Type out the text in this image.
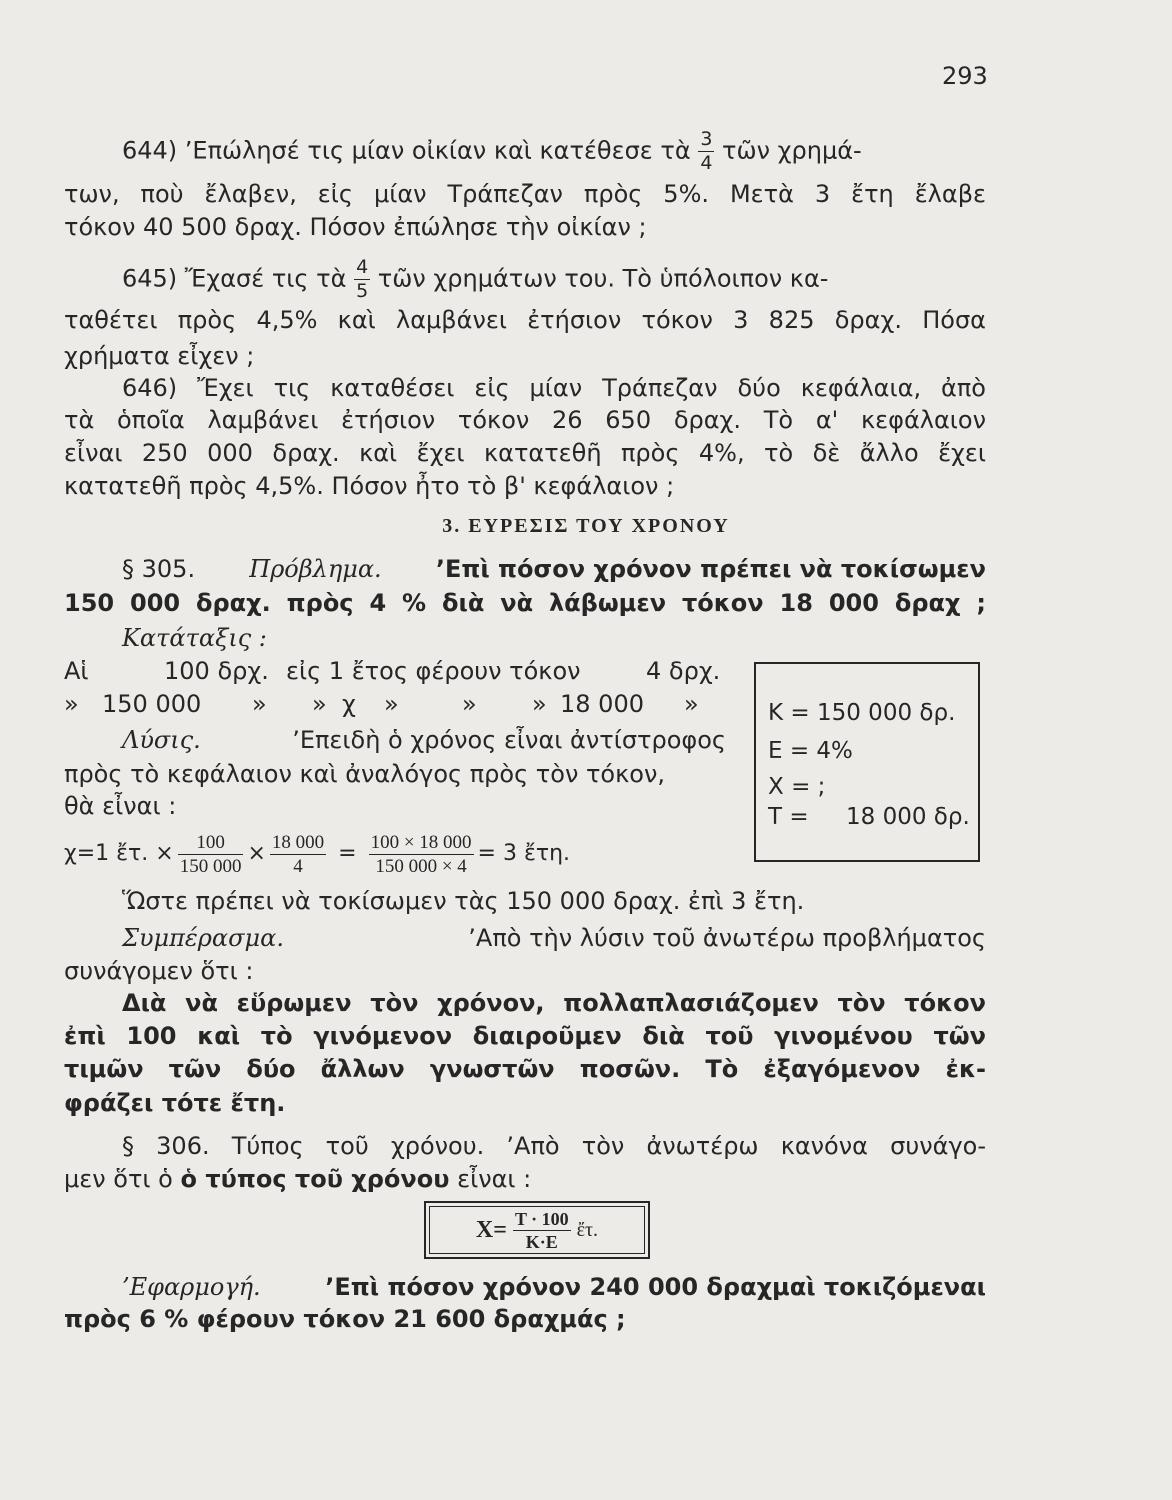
293
644) ’Επώλησέ τις μίαν οἰκίαν καὶ κατέθεσε τὰ $\frac{3}{4}$ τῶν χρημά-
των, ποὺ ἔλαβεν, εἰς μίαν Τράπεζαν πρὸς 5%. Μετὰ 3 ἔτη ἔλαβε
τόκον 40 500 δραχ. Πόσον ἐπώλησε τὴν οἰκίαν ;
645) Ἔχασέ τις τὰ $\frac{4}{5}$ τῶν χρημάτων του. Τὸ ὑπόλοιπον κα-
ταθέτει πρὸς 4,5% καὶ λαμβάνει ἐτήσιον τόκον 3 825 δραχ. Πόσα
χρήματα εἶχεν ;
646) Ἔχει τις καταθέσει εἰς μίαν Τράπεζαν δύο κεφάλαια, ἀπὸ
τὰ ὁποῖα λαμβάνει ἐτήσιον τόκον 26 650 δραχ. Τὸ α' κεφάλαιον
εἶναι 250 000 δραχ. καὶ ἔχει κατατεθῆ πρὸς 4%, τὸ δὲ ἄλλο ἔχει
κατατεθῆ πρὸς 4,5%. Πόσον ἦτο τὸ β' κεφάλαιον ;
3. ΕΥΡΕΣΙΣ ΤΟΥ ΧΡΟΝΟΥ
§ 305. Πρόβλημα. ’Επὶ πόσον χρόνον πρέπει νὰ τοκίσωμεν
150 000 δραχ. πρὸς 4 % διὰ νὰ λάβωμεν τόκον 18 000 δραχ ;
Κατάταξις :
Αἱ	100 δρχ. εἰς 1 ἔτος φέρουν τόκον	4 δρχ.
» 150 000 » » χ »	» » 18 000 »	Κ = 150 000 δρ.
Ε = 4%
Χ = ;
Τ = 18 000 δρ.
Λύσις.	’Επειδὴ ὁ χρόνος εἶναι ἀντίστροφος
πρὸς τὸ κεφάλαιον καὶ ἀναλόγος πρὸς τὸν τόκον,
θὰ εἶναι :
χ=1 ἔτ. × $\frac{100}{150 000} \times \frac{18 000}{4} = \frac{100 \times 18 000}{150 000 \times 4} = 3$ ἔτη.
Ὥστε πρέπει νὰ τοκίσωμεν τὰς 150 000 δραχ. ἐπὶ 3 ἔτη.
Συμπέρασμα.	’Απὸ τὴν λύσιν τοῦ ἀνωτέρω προβλήματος
συνάγομεν ὅτι :
Διὰ νὰ εὕρωμεν τὸν χρόνον, πολλαπλασιάζομεν τὸν τόκον
ἐπὶ 100 καὶ τὸ γινόμενον διαιροῦμεν διὰ τοῦ γινομένου τῶν
τιμῶν τῶν δύο ἄλλων γνωστῶν ποσῶν. Τὸ ἐξαγόμενον ἐκ-
φράζει τότε ἔτη.
§ 306. Τύπος τοῦ χρόνου. ’Απὸ τὸν ἀνωτέρω κανόνα συνάγο-
μεν ὅτι ὁ ὁ τύπος τοῦ χρόνου εἶναι :
$X= \frac{T \cdot 100}{K\cdot E}$ ἔτ.
’Εφαρμογή.	’Επὶ πόσον χρόνον 240 000 δραχμαὶ τοκιζόμεναι
πρὸς 6 % φέρουν τόκον 21 600 δραχμάς ;
